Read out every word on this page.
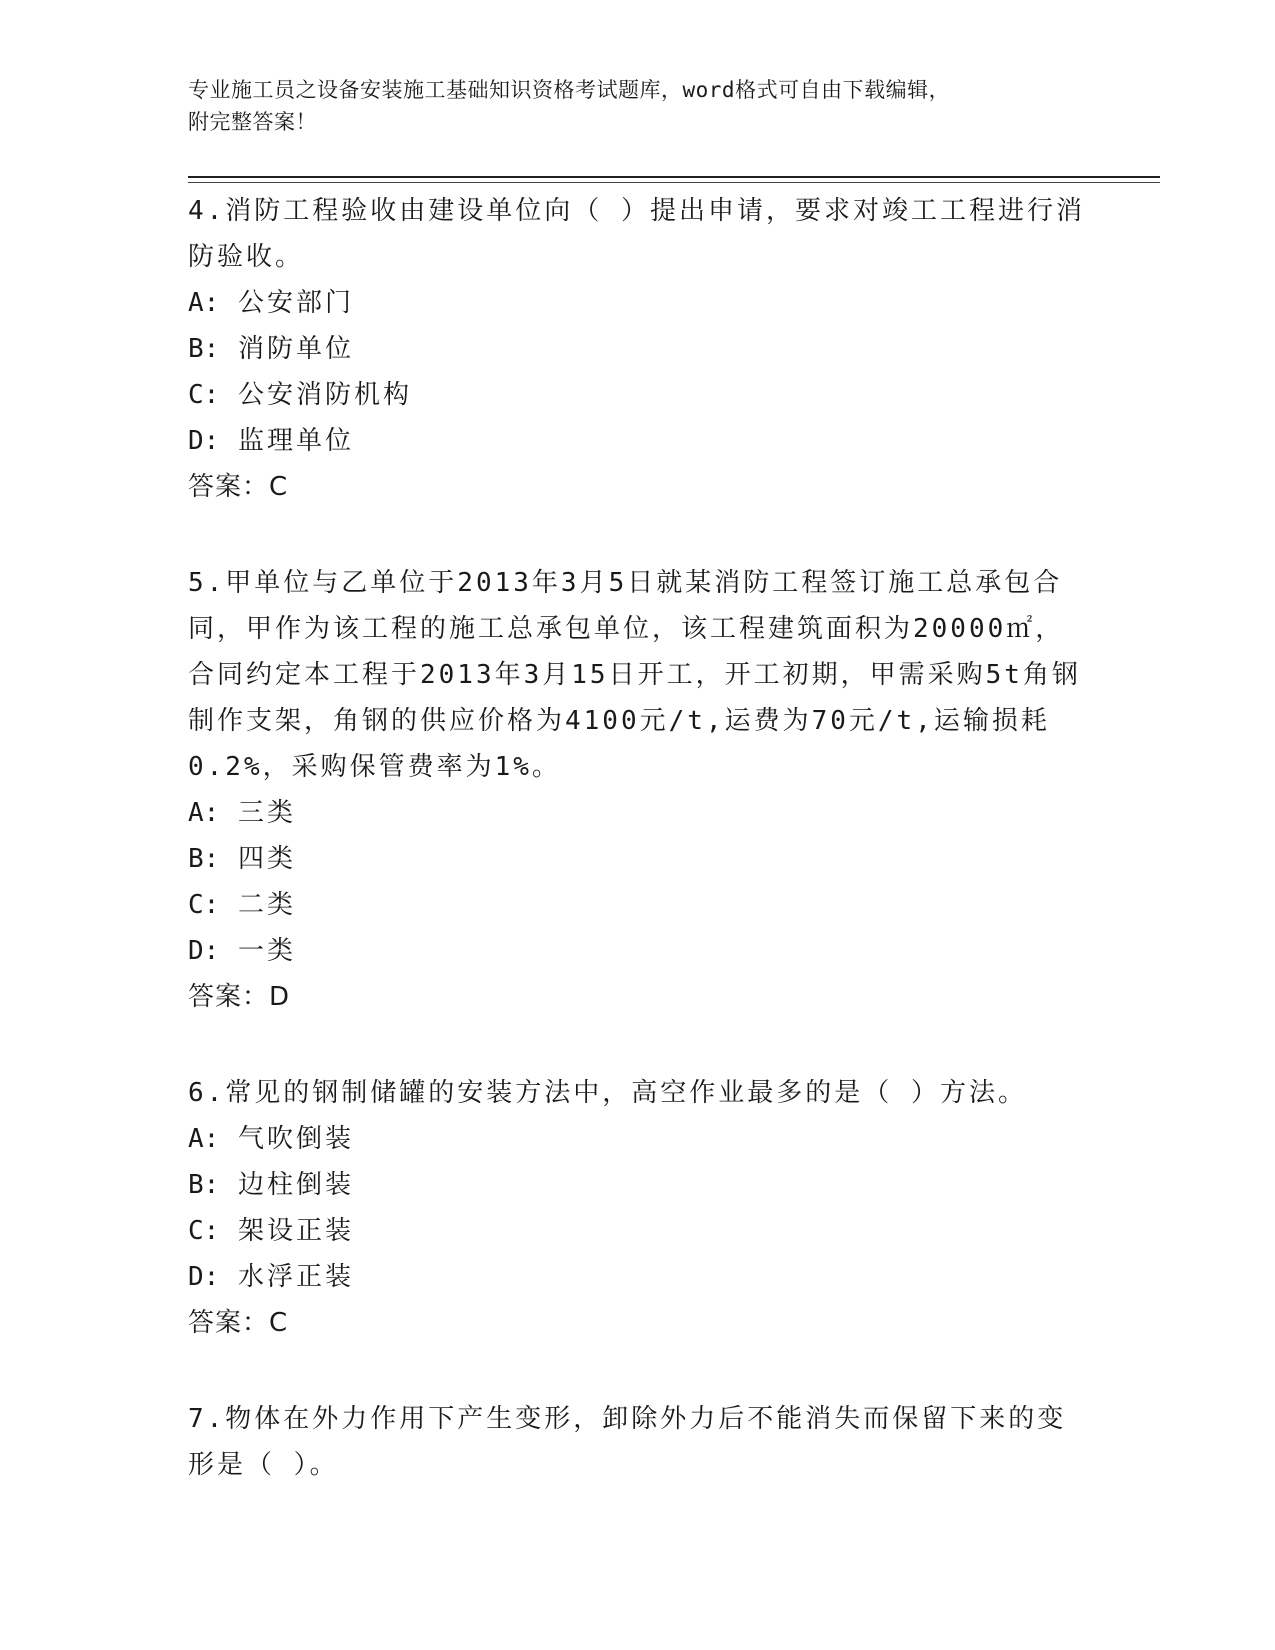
专业施工员之设备安装施工基础知识资格考试题库，word格式可自由下载编辑，

附完整答案！

4.消防工程验收由建设单位向（ ）提出申请，要求对竣工工程进行消防验收。

A: 公安部门

B: 消防单位

C: 公安消防机构

D: 监理单位

答案：C

5.甲单位与乙单位于2013年3月5日就某消防工程签订施工总承包合同，甲作为该工程的施工总承包单位，该工程建筑面积为20000㎡，合同约定本工程于2013年3月15日开工，开工初期，甲需采购5t角钢制作支架，角钢的供应价格为4100元/t,运费为70元/t,运输损耗0.2%，采购保管费率为1%。

A: 三类

B: 四类

C: 二类

D: 一类

答案：D

6.常见的钢制储罐的安装方法中，高空作业最多的是（ ）方法。

A: 气吹倒装

B: 边柱倒装

C: 架设正装

D: 水浮正装

答案：C

7.物体在外力作用下产生变形，卸除外力后不能消失而保留下来的变形是（ ）。
